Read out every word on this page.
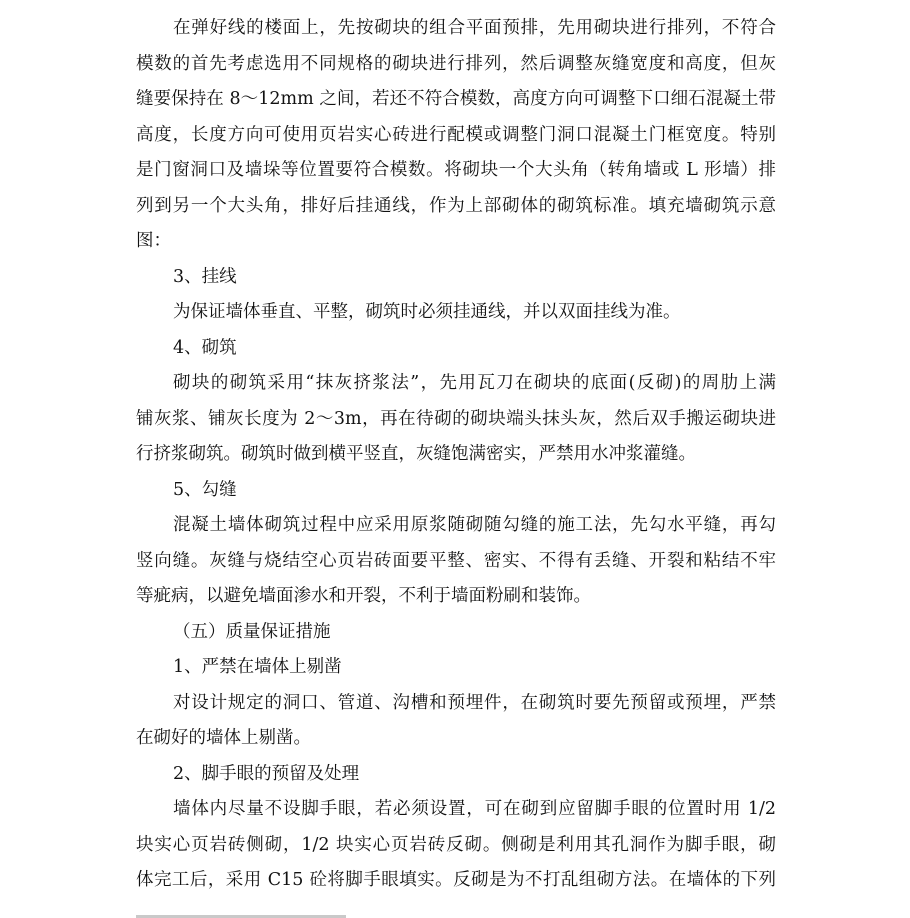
在弹好线的楼面上，先按砌块的组合平面预排，先用砌块进行排列，不符合
模数的首先考虑选用不同规格的砌块进行排列，然后调整灰缝宽度和高度，但灰
缝要保持在 8～12mm 之间，若还不符合模数，高度方向可调整下口细石混凝土带
高度，长度方向可使用页岩实心砖进行配模或调整门洞口混凝土门框宽度。特别
是门窗洞口及墙垛等位置要符合模数。将砌块一个大头角（转角墙或 L 形墙）排
列到另一个大头角，排好后挂通线，作为上部砌体的砌筑标准。填充墙砌筑示意
图：
3、挂线
为保证墙体垂直、平整，砌筑时必须挂通线，并以双面挂线为准。
4、砌筑
砌块的砌筑采用“抹灰挤浆法”，先用瓦刀在砌块的底面(反砌)的周肋上满
铺灰浆、铺灰长度为 2～3m，再在待砌的砌块端头抹头灰，然后双手搬运砌块进
行挤浆砌筑。砌筑时做到横平竖直，灰缝饱满密实，严禁用水冲浆灌缝。
5、勾缝
混凝土墙体砌筑过程中应采用原浆随砌随勾缝的施工法，先勾水平缝，再勾
竖向缝。灰缝与烧结空心页岩砖面要平整、密实、不得有丢缝、开裂和粘结不牢
等疵病，以避免墙面渗水和开裂，不利于墙面粉刷和装饰。
（五）质量保证措施
1、严禁在墙体上剔凿
对设计规定的洞口、管道、沟槽和预埋件，在砌筑时要先预留或预埋，严禁
在砌好的墙体上剔凿。
2、脚手眼的预留及处理
墙体内尽量不设脚手眼，若必须设置，可在砌到应留脚手眼的位置时用 1/2
块实心页岩砖侧砌，1/2 块实心页岩砖反砌。侧砌是利用其孔洞作为脚手眼，砌
体完工后，采用 C15 砼将脚手眼填实。反砌是为不打乱组砌方法。在墙体的下列
